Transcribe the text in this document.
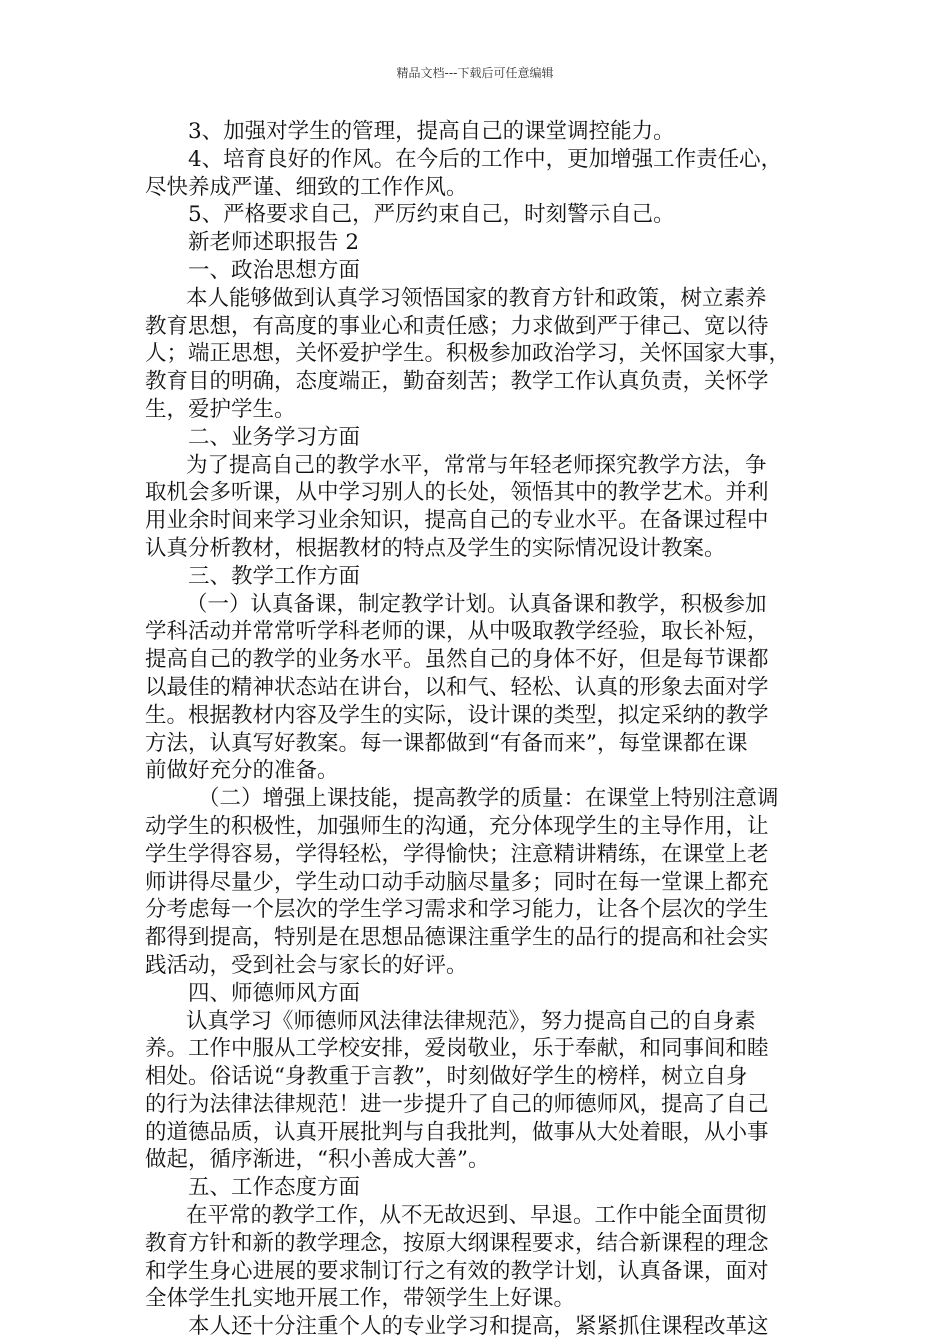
精品文档---下载后可任意编辑
3、加强对学生的管理，提高自己的课堂调控能力。
4、培育良好的作风。在今后的工作中，更加增强工作责任心，
尽快养成严谨、细致的工作作风。
5、严格要求自己，严厉约束自己，时刻警示自己。
新老师述职报告 2
一、政治思想方面
本人能够做到认真学习领悟国家的教育方针和政策，树立素养
教育思想，有高度的事业心和责任感；力求做到严于律己、宽以待
人；端正思想，关怀爱护学生。积极参加政治学习，关怀国家大事，
教育目的明确，态度端正，勤奋刻苦；教学工作认真负责，关怀学
生，爱护学生。
二、业务学习方面
为了提高自己的教学水平，常常与年轻老师探究教学方法，争
取机会多听课，从中学习别人的长处，领悟其中的教学艺术。并利
用业余时间来学习业余知识，提高自己的专业水平。在备课过程中
认真分析教材，根据教材的特点及学生的实际情况设计教案。
三、教学工作方面
（一）认真备课，制定教学计划。认真备课和教学，积极参加
学科活动并常常听学科老师的课，从中吸取教学经验，取长补短，
提高自己的教学的业务水平。虽然自己的身体不好，但是每节课都
以最佳的精神状态站在讲台，以和气、轻松、认真的形象去面对学
生。根据教材内容及学生的实际，设计课的类型，拟定采纳的教学
方法，认真写好教案。每一课都做到“有备而来”，每堂课都在课
前做好充分的准备。
（二）增强上课技能，提高教学的质量：在课堂上特别注意调
动学生的积极性，加强师生的沟通，充分体现学生的主导作用，让
学生学得容易，学得轻松，学得愉快；注意精讲精练，在课堂上老
师讲得尽量少，学生动口动手动脑尽量多；同时在每一堂课上都充
分考虑每一个层次的学生学习需求和学习能力，让各个层次的学生
都得到提高，特别是在思想品德课注重学生的品行的提高和社会实
践活动，受到社会与家长的好评。
四、师德师风方面
认真学习《师德师风法律法律规范》，努力提高自己的自身素
养。工作中服从工学校安排，爱岗敬业，乐于奉献，和同事间和睦
相处。俗话说“身教重于言教”，时刻做好学生的榜样，树立自身
的行为法律法律规范！进一步提升了自己的师德师风，提高了自己
的道德品质，认真开展批判与自我批判，做事从大处着眼，从小事
做起，循序渐进，“积小善成大善”。
五、工作态度方面
在平常的教学工作，从不无故迟到、早退。工作中能全面贯彻
教育方针和新的教学理念，按原大纲课程要求，结合新课程的理念
和学生身心进展的要求制订行之有效的教学计划，认真备课，面对
全体学生扎实地开展工作，带领学生上好课。
本人还十分注重个人的专业学习和提高，紧紧抓住课程改革这
